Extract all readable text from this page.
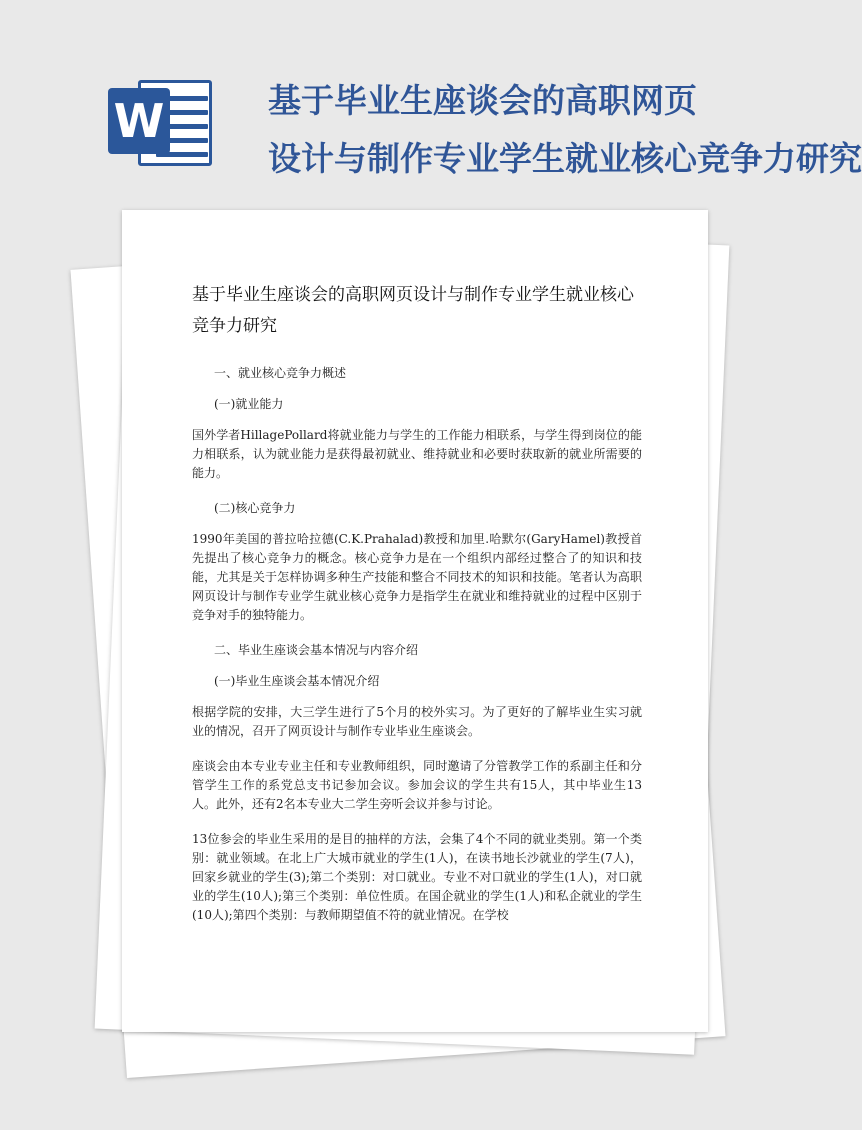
W	基于毕业生座谈会的高职网页
设计与制作专业学生就业核心竞争力研究
基于毕业生座谈会的高职网页设计与制作专业学生就业核心竞争力研究
一、就业核心竞争力概述
(一)就业能力
国外学者HillagePollard将就业能力与学生的工作能力相联系，与学生得到岗位的能力相联系，认为就业能力是获得最初就业、维持就业和必要时获取新的就业所需要的能力。
(二)核心竞争力
1990年美国的普拉哈拉德(C.K.Prahalad)教授和加里.哈默尔(GaryHamel)教授首先提出了核心竞争力的概念。核心竞争力是在一个组织内部经过整合了的知识和技能，尤其是关于怎样协调多种生产技能和整合不同技术的知识和技能。笔者认为高职网页设计与制作专业学生就业核心竞争力是指学生在就业和维持就业的过程中区别于竞争对手的独特能力。
二、毕业生座谈会基本情况与内容介绍
(一)毕业生座谈会基本情况介绍
根据学院的安排，大三学生进行了5个月的校外实习。为了更好的了解毕业生实习就业的情况，召开了网页设计与制作专业毕业生座谈会。
座谈会由本专业专业主任和专业教师组织，同时邀请了分管教学工作的系副主任和分管学生工作的系党总支书记参加会议。参加会议的学生共有15人，其中毕业生13人。此外，还有2名本专业大二学生旁听会议并参与讨论。
13位参会的毕业生采用的是目的抽样的方法，会集了4个不同的就业类别。第一个类别：就业领域。在北上广大城市就业的学生(1人)，在读书地长沙就业的学生(7人)，回家乡就业的学生(3);第二个类别：对口就业。专业不对口就业的学生(1人)，对口就业的学生(10人);第三个类别：单位性质。在国企就业的学生(1人)和私企就业的学生(10人);第四个类别：与教师期望值不符的就业情况。在学校
